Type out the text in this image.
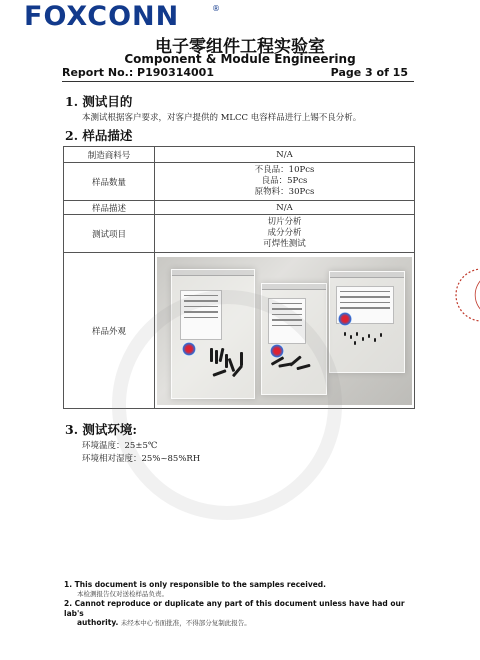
FOXCONN	®
电子零组件工程实验室
Component & Module Engineering
Report No.: P190314001	Page 3 of 15
1. 测试目的
本测试根据客户要求，对客户提供的 MLCC 电容样品进行上锡不良分析。
2. 样品描述
制造商料号	N/A
样品数量	不良品：10Pcs
良品：5Pcs
原物料：30Pcs

样品描述	N/A
测试项目	切片分析
成分分析
可焊性测试

样品外观	
3. 测试环境:
环境温度：25±5℃
环境相对湿度：25%~85%RH
1. This document is only responsible to the samples received.
本检测报告仅对送检样品负责。
2. Cannot reproduce or duplicate any part of this document unless have had our lab's
authority. 未经本中心书面批准，不得部分复制此报告。
